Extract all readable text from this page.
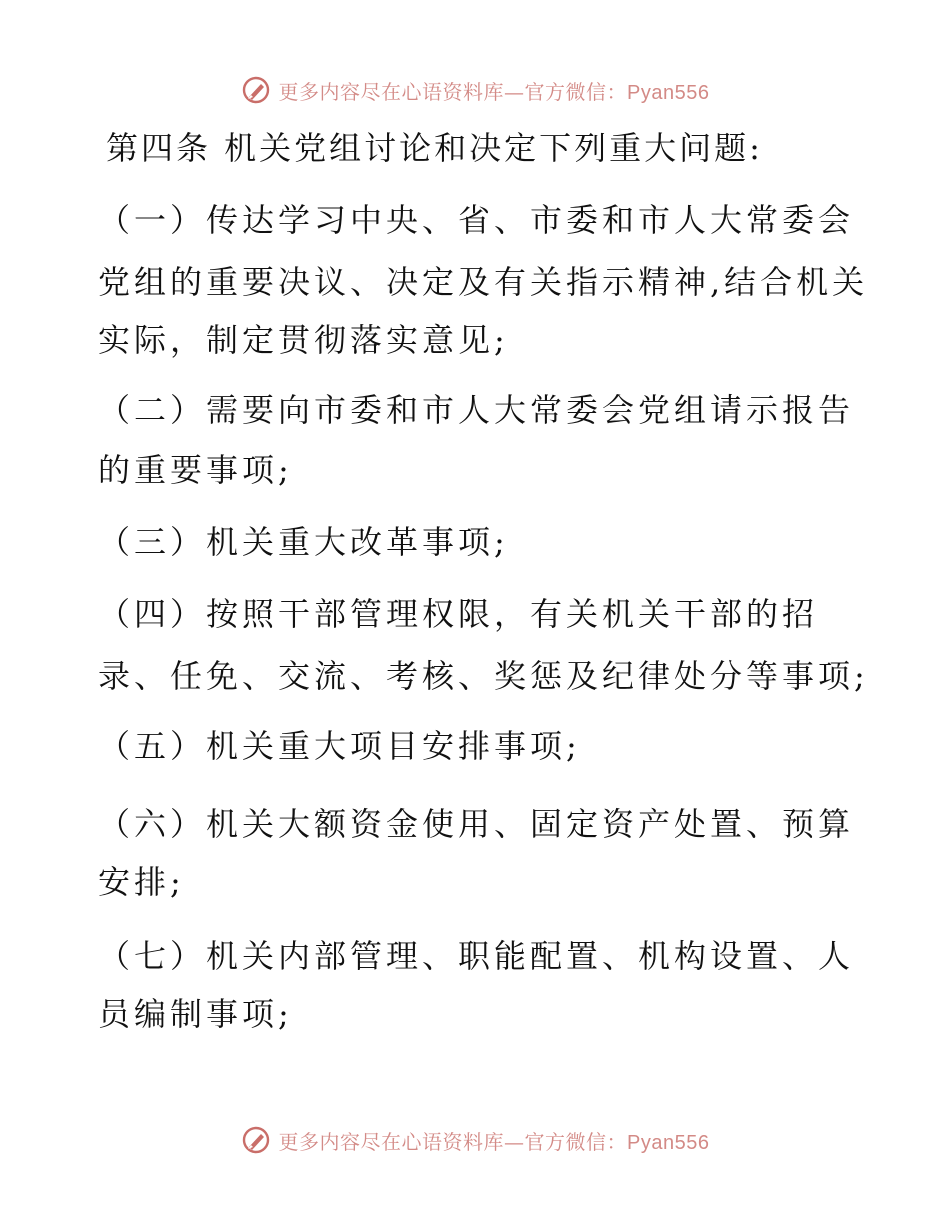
更多内容尽在心语资料库—官方微信：Pyan556
第四条 机关党组讨论和决定下列重大问题:
（一）传达学习中央、省、市委和市人大常委会
党组的重要决议、决定及有关指示精神,结合机关
实际，制定贯彻落实意见;
（二）需要向市委和市人大常委会党组请示报告
的重要事项;
（三）机关重大改革事项;
（四）按照干部管理权限，有关机关干部的招
录、任免、交流、考核、奖惩及纪律处分等事项;
（五）机关重大项目安排事项;
（六）机关大额资金使用、固定资产处置、预算
安排;
（七）机关内部管理、职能配置、机构设置、人
员编制事项;
更多内容尽在心语资料库—官方微信：Pyan556
